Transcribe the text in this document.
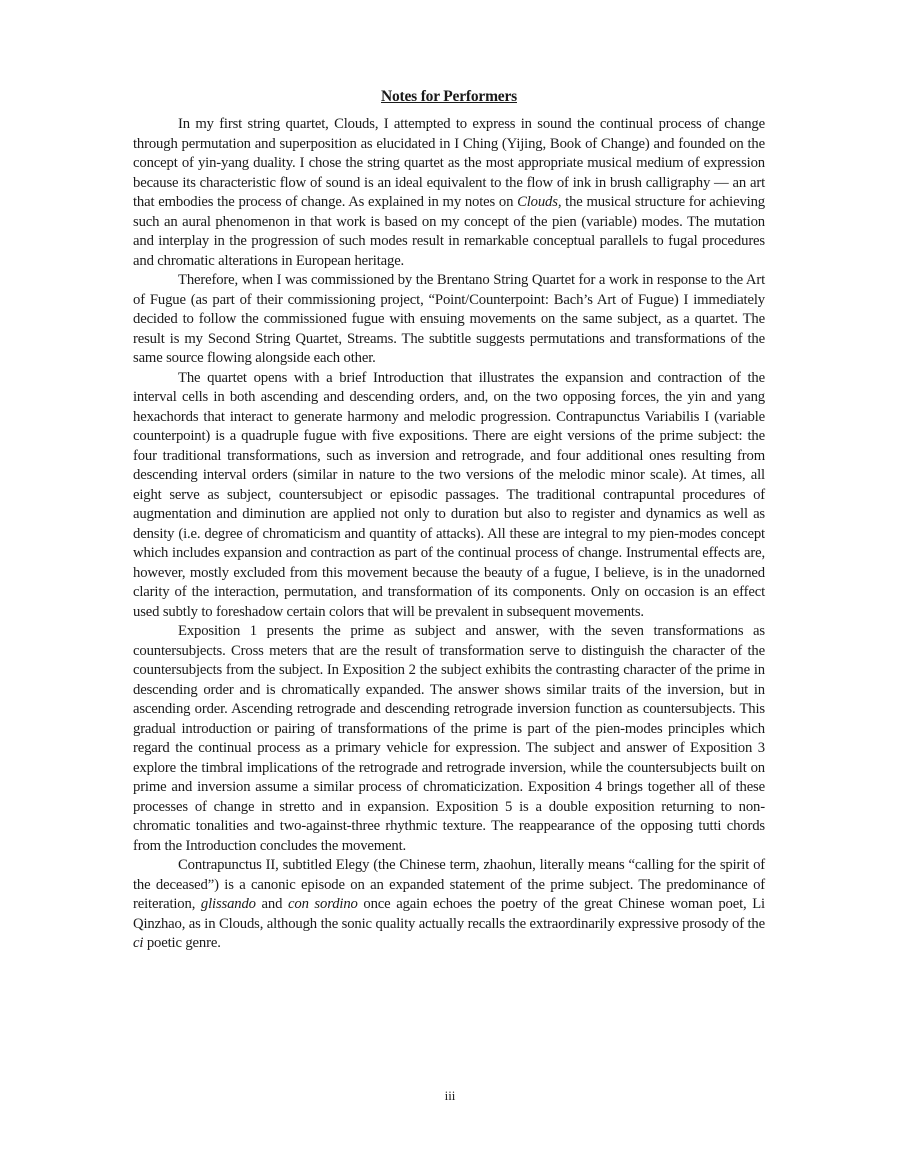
Notes for Performers

In my first string quartet, Clouds, I attempted to express in sound the continual process of change through permutation and superposition as elucidated in I Ching (Yijing, Book of Change) and founded on the concept of yin-yang duality. I chose the string quartet as the most appropriate musical medium of expression because its characteristic flow of sound is an ideal equivalent to the flow of ink in brush calligraphy — an art that embodies the process of change. As explained in my notes on Clouds, the musical structure for achieving such an aural phenomenon in that work is based on my concept of the pien (variable) modes. The mutation and interplay in the progression of such modes result in remarkable conceptual parallels to fugal procedures and chromatic alterations in European heritage.

Therefore, when I was commissioned by the Brentano String Quartet for a work in response to the Art of Fugue (as part of their commissioning project, “Point/Counterpoint: Bach’s Art of Fugue) I immediately decided to follow the commissioned fugue with ensuing movements on the same subject, as a quartet. The result is my Second String Quartet, Streams. The subtitle suggests permutations and transformations of the same source flowing alongside each other.

The quartet opens with a brief Introduction that illustrates the expansion and contraction of the interval cells in both ascending and descending orders, and, on the two opposing forces, the yin and yang hexachords that interact to generate harmony and melodic progression. Contrapunctus Variabilis I (variable counterpoint) is a quadruple fugue with five expositions. There are eight versions of the prime subject: the four traditional transformations, such as inversion and retrograde, and four additional ones resulting from descending interval orders (similar in nature to the two versions of the melodic minor scale). At times, all eight serve as subject, countersubject or episodic passages. The traditional contrapuntal procedures of augmentation and diminution are applied not only to duration but also to register and dynamics as well as density (i.e. degree of chromaticism and quantity of attacks). All these are integral to my pien-modes concept which includes expansion and contraction as part of the continual process of change. Instrumental effects are, however, mostly excluded from this movement because the beauty of a fugue, I believe, is in the unadorned clarity of the interaction, permutation, and transformation of its components. Only on occasion is an effect used subtly to foreshadow certain colors that will be prevalent in subsequent movements.

Exposition 1 presents the prime as subject and answer, with the seven transformations as countersubjects. Cross meters that are the result of transformation serve to distinguish the character of the countersubjects from the subject. In Exposition 2 the subject exhibits the contrasting character of the prime in descending order and is chromatically expanded. The answer shows similar traits of the inversion, but in ascending order. Ascending retrograde and descending retrograde inversion function as countersubjects. This gradual introduction or pairing of transformations of the prime is part of the pien-modes principles which regard the continual process as a primary vehicle for expression. The subject and answer of Exposition 3 explore the timbral implications of the retrograde and retrograde inversion, while the countersubjects built on prime and inversion assume a similar process of chromaticization. Exposition 4 brings together all of these processes of change in stretto and in expansion. Exposition 5 is a double exposition returning to non-chromatic tonalities and two-against-three rhythmic texture. The reappearance of the opposing tutti chords from the Introduction concludes the movement.

Contrapunctus II, subtitled Elegy (the Chinese term, zhaohun, literally means “calling for the spirit of the deceased”) is a canonic episode on an expanded statement of the prime subject. The predominance of reiteration, glissando and con sordino once again echoes the poetry of the great Chinese woman poet, Li Qinzhao, as in Clouds, although the sonic quality actually recalls the extraordinarily expressive prosody of the ci poetic genre.

iii
